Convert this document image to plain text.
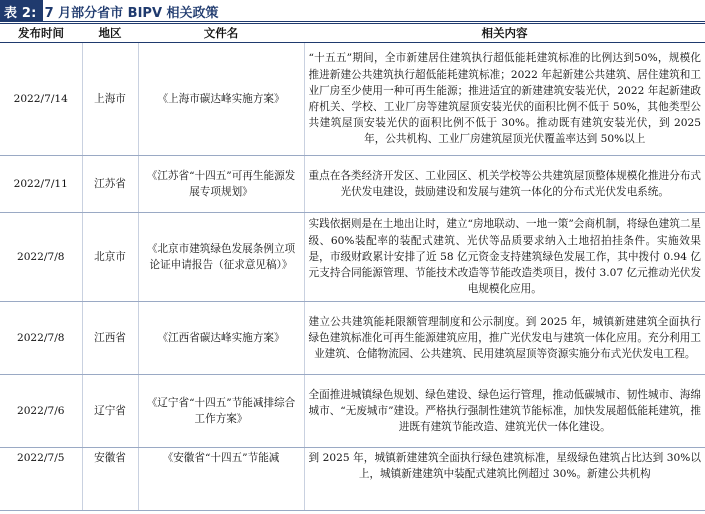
表 2: 7 月部分省市 BIPV 相关政策
发布时间	地区	文件名	相关内容
2022/7/14	上海市	《上海市碳达峰实施方案》	“十五五”期间，全市新建居住建筑执行超低能耗建筑标准的比例达到50%，规模化推进新建公共建筑执行超低能耗建筑标准；2022 年起新建公共建筑、居住建筑和工业厂房至少使用一种可再生能源；推进适宜的新建建筑安装光伏，2022 年起新建政府机关、学校、工业厂房等建筑屋顶安装光伏的面积比例不低于 50%，其他类型公共建筑屋顶安装光伏的面积比例不低于 30%。推动既有建筑安装光伏，到 2025 年，公共机构、工业厂房建筑屋顶光伏覆盖率达到 50%以上
2022/7/11	江苏省	《江苏省“十四五”可再生能源发展专项规划》	重点在各类经济开发区、工业园区、机关学校等公共建筑屋顶整体规模化推进分布式光伏发电建设，鼓励建设和发展与建筑一体化的分布式光伏发电系统。
2022/7/8	北京市	《北京市建筑绿色发展条例立项论证申请报告（征求意见稿）》	实践依据则是在土地出让时，建立“房地联动、一地一策”会商机制，将绿色建筑二星级、60%装配率的装配式建筑、光伏等品质要求纳入土地招拍挂条件。实施效果是，市级财政累计安排了近 58 亿元资金支持建筑绿色发展工作，其中拨付 0.94 亿元支持合同能源管理、节能技术改造等节能改造类项目，拨付 3.07 亿元推动光伏发电规模化应用。
2022/7/8	江西省	《江西省碳达峰实施方案》	建立公共建筑能耗限额管理制度和公示制度。到 2025 年，城镇新建建筑全面执行绿色建筑标准化可再生能源建筑应用，推广光伏发电与建筑一体化应用。充分利用工业建筑、仓储物流园、公共建筑、民用建筑屋顶等资源实施分布式光伏发电工程。
2022/7/6	辽宁省	《辽宁省“十四五”节能减排综合工作方案》	全面推进城镇绿色规划、绿色建设、绿色运行管理，推动低碳城市、韧性城市、海绵城市、“无废城市”建设。严格执行强制性建筑节能标准，加快发展超低能耗建筑，推进既有建筑节能改造、建筑光伏一体化建设。
2022/7/5	安徽省	《安徽省“十四五”节能减	到 2025 年，城镇新建建筑全面执行绿色建筑标准，星级绿色建筑占比达到 30%以上，城镇新建建筑中装配式建筑比例超过 30%。新建公共机构
